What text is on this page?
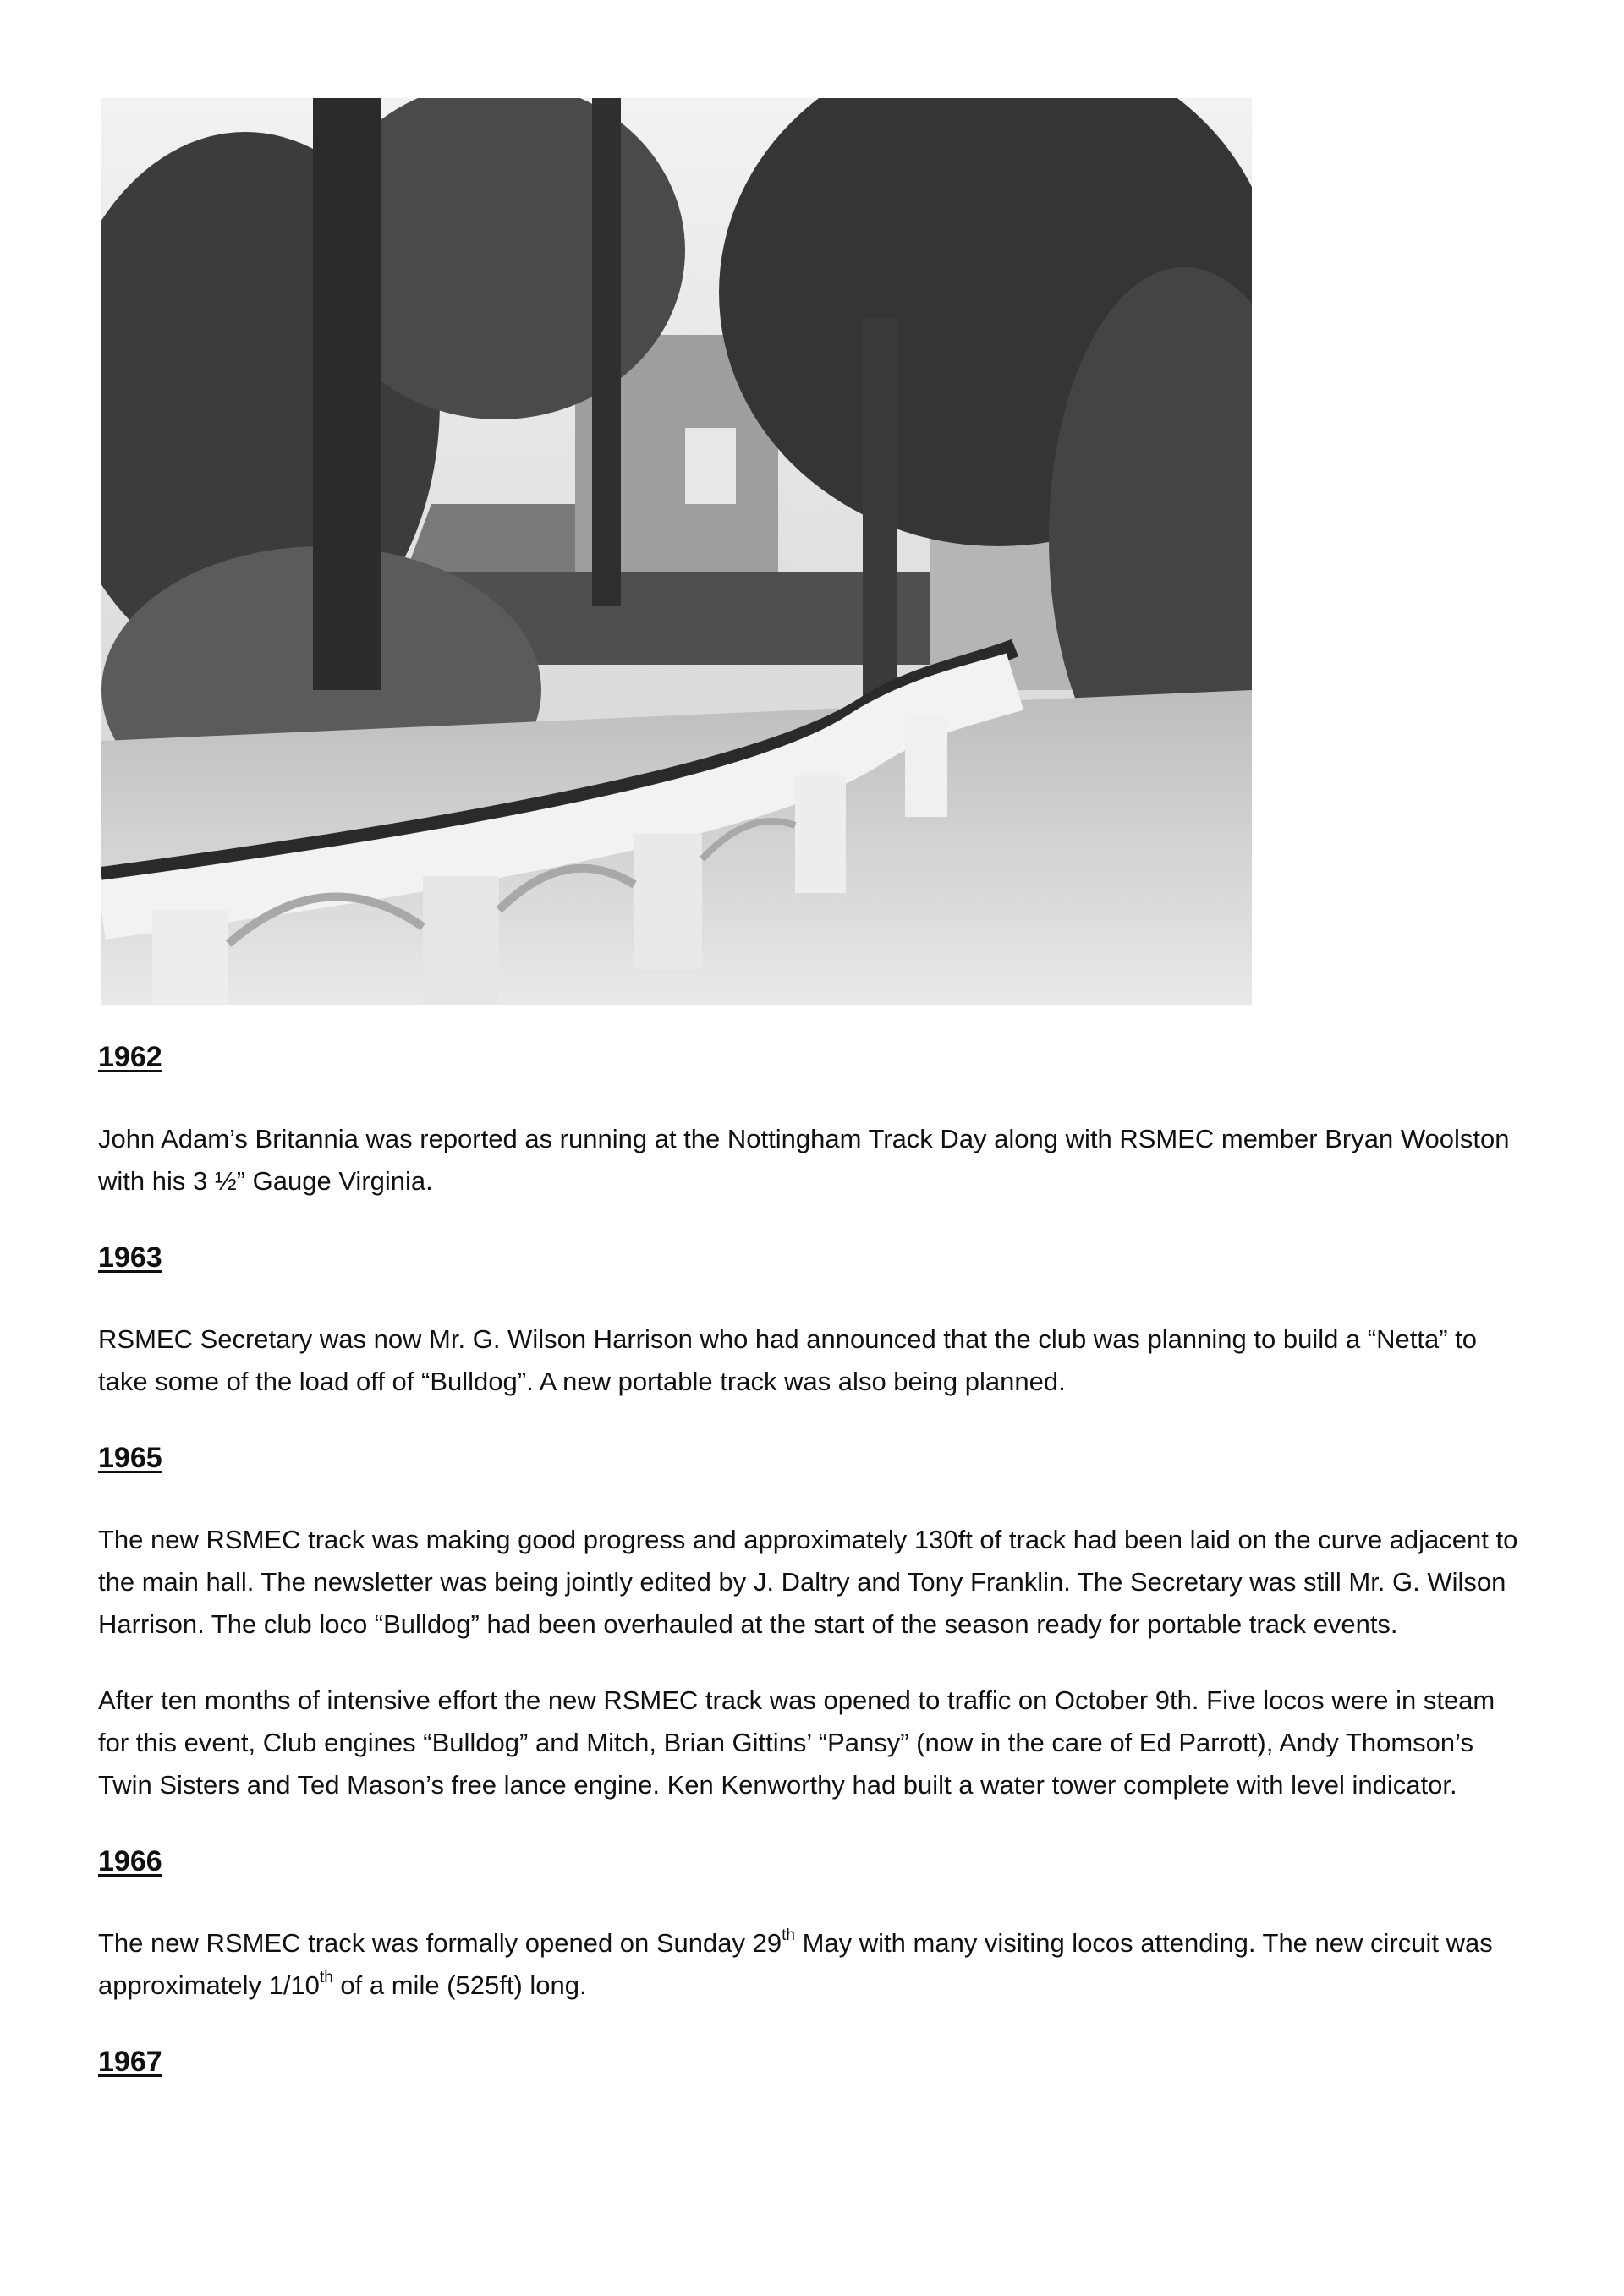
1962

John Adam’s Britannia was reported as running at the Nottingham Track Day along with RSMEC member Bryan Woolston with his 3 ½” Gauge Virginia.

1963

RSMEC Secretary was now Mr. G. Wilson Harrison who had announced that the club was planning to build a “Netta” to take some of the load off of “Bulldog”. A new portable track was also being planned.

1965

The new RSMEC track was making good progress and approximately 130ft of track had been laid on the curve adjacent to the main hall. The newsletter was being jointly edited by J. Daltry and Tony Franklin. The Secretary was still Mr. G. Wilson Harrison. The club loco “Bulldog” had been overhauled at the start of the season ready for portable track events.

After ten months of intensive effort the new RSMEC track was opened to traffic on October 9th. Five locos were in steam for this event, Club engines “Bulldog” and Mitch, Brian Gittins’ “Pansy” (now in the care of Ed Parrott), Andy Thomson’s Twin Sisters and Ted Mason’s free lance engine. Ken Kenworthy had built a water tower complete with level indicator.

1966

The new RSMEC track was formally opened on Sunday 29th May with many visiting locos attending. The new circuit was approximately 1/10th of a mile (525ft) long.

1967
